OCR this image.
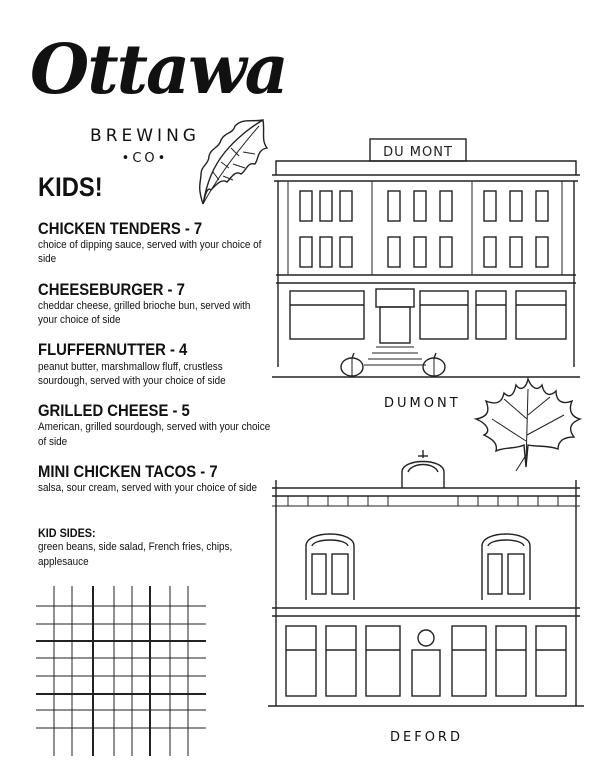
Ottawa
BREWING
•CO•
KIDS!
CHICKEN TENDERS - 7
choice of dipping sauce, served with your choice of side
CHEESEBURGER - 7
cheddar cheese, grilled brioche bun, served with your choice of side
FLUFFERNUTTER - 4
peanut butter, marshmallow fluff, crustless sourdough, served with your choice of side
GRILLED CHEESE - 5
American, grilled sourdough, served with your choice of side
MINI CHICKEN TACOS - 7
salsa, sour cream, served with your choice of side
KID SIDES:
green beans, side salad, French fries, chips, applesauce
DU MONT
DUMONT
DEFORD
